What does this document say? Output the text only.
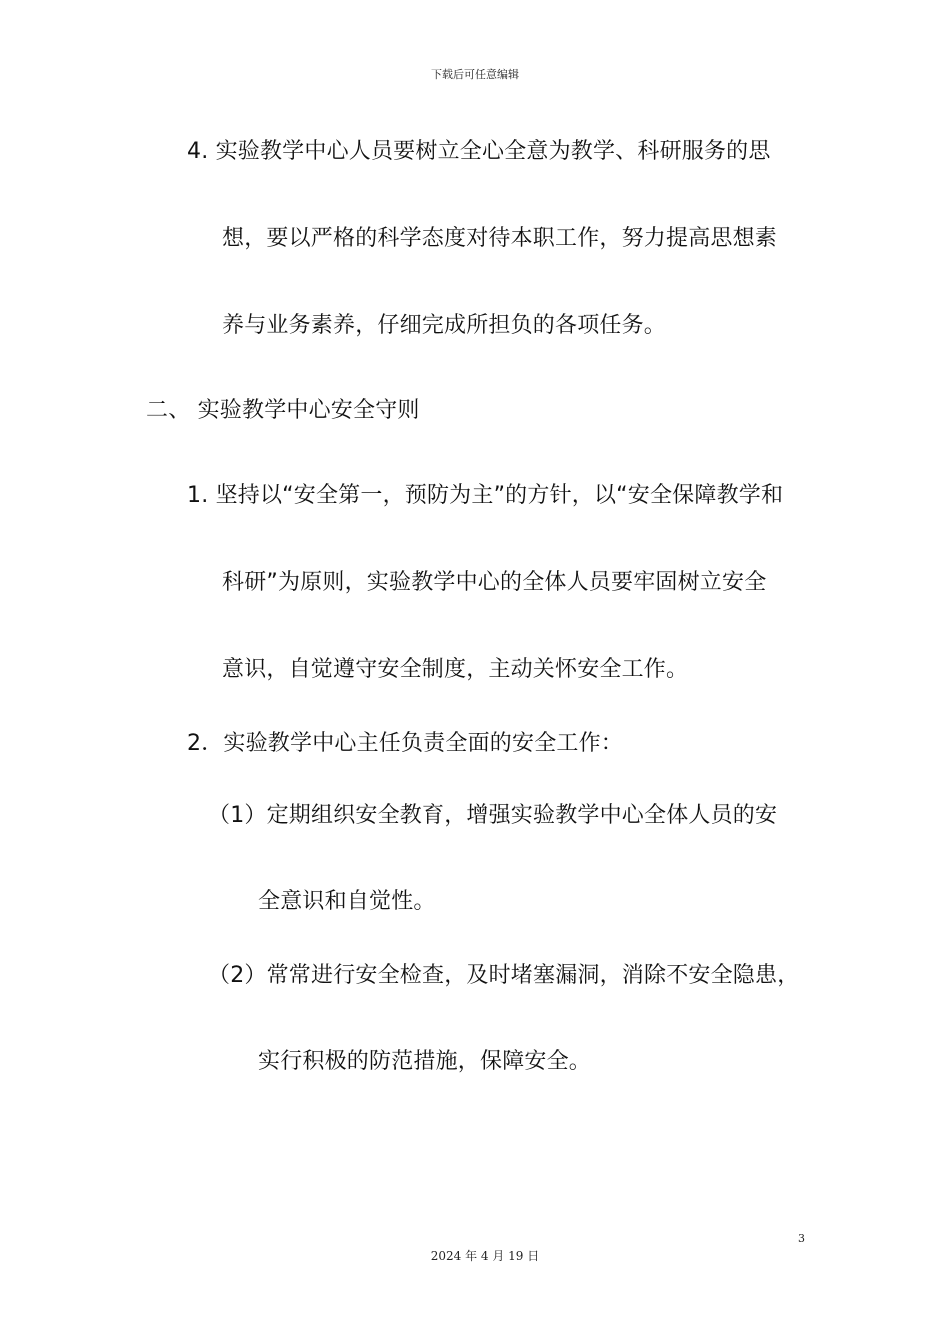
下载后可任意编辑
4. 实验教学中心人员要树立全心全意为教学、科研服务的思
想，要以严格的科学态度对待本职工作，努力提高思想素
养与业务素养，仔细完成所担负的各项任务。
二、 实验教学中心安全守则
1. 坚持以“安全第一，预防为主”的方针，以“安全保障教学和
科研”为原则，实验教学中心的全体人员要牢固树立安全
意识，自觉遵守安全制度，主动关怀安全工作。
2．实验教学中心主任负责全面的安全工作：
（1）定期组织安全教育，增强实验教学中心全体人员的安
全意识和自觉性。
（2）常常进行安全检查，及时堵塞漏洞，消除不安全隐患，
实行积极的防范措施，保障安全。
3
2024 年 4 月 19 日
